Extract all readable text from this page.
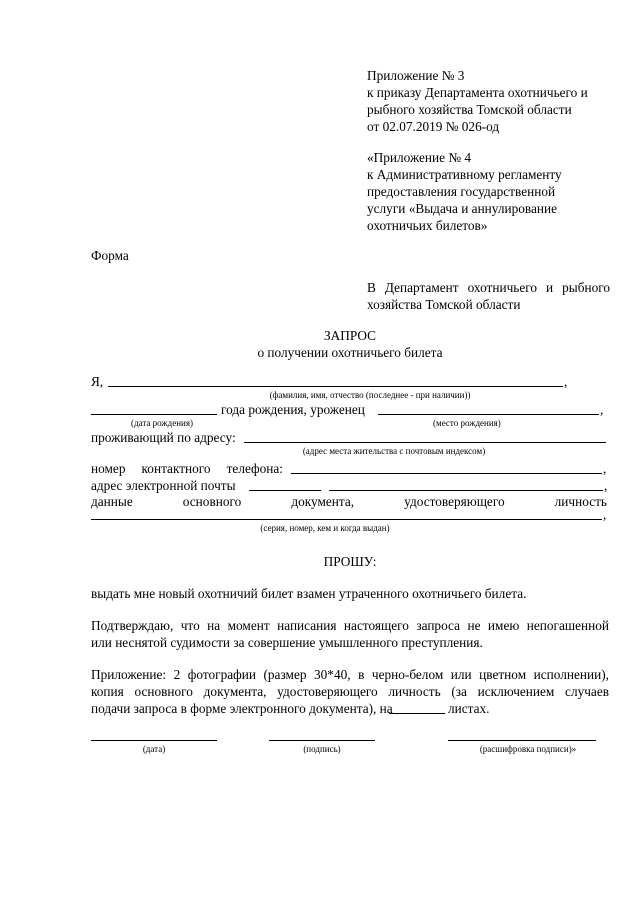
Приложение № 3
к приказу Департамента охотничьего и
рыбного хозяйства Томской области
от 02.07.2019 № 026-од
«Приложение № 4
к Административному регламенту
предоставления государственной
услуги «Выдача и аннулирование
охотничьих билетов»
Форма
В Департамент охотничьего и рыбного
хозяйства Томской области
ЗАПРОС
о получении охотничьего билета
Я,	,
(фамилия, имя, отчество (последнее - при наличии))
года рождения, уроженец	,
(дата рождения)	(место рождения)
проживающий по адресу:
(адрес места жительства с почтовым индексом)
номер контактного телефона:	,
адрес электронной почты	,
данные	основного	документа,	удостоверяющего	личность
,
(серия, номер, кем и когда выдан)
ПРОШУ:
выдать мне новый охотничий билет взамен утраченного охотничьего билета.
Подтверждаю, что на момент написания настоящего запроса не имею непогашенной
или неснятой судимости за совершение умышленного преступления.
Приложение: 2 фотографии (размер 30*40, в черно-белом или цветном исполнении),
копия основного документа, удостоверяющего личность (за исключением случаев
подачи запроса в форме электронного документа), на	листах.
(дата)	(подпись)	(расшифровка подписи)»
